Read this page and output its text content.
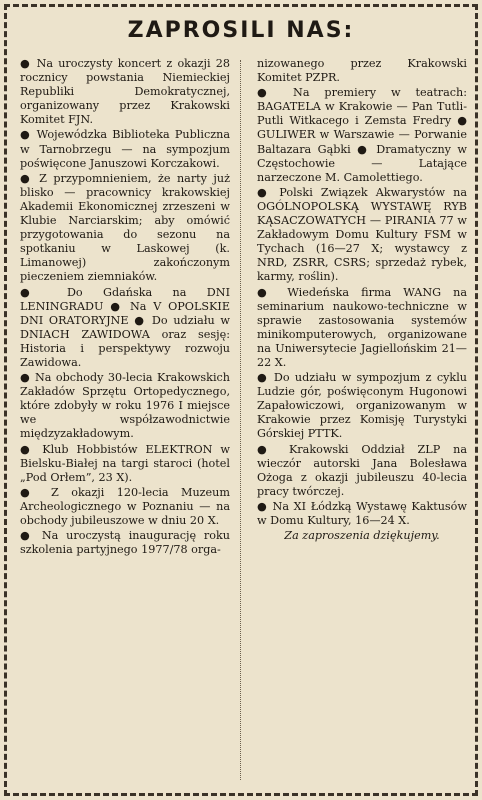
ZAPROSILI NAS:

● Na uroczysty koncert z okazji 28 rocznicy powstania Niemieckiej Republiki Demokratycznej, organizowany przez Krakowski Komitet FJN.

● Wojewódzka Biblioteka Publiczna w Tarnobrzegu — na sympozjum poświęcone Januszowi Korczakowi.

● Z przypomnieniem, że narty już blisko — pracownicy krakowskiej Akademii Ekonomicznej zrzeszeni w Klubie Narciarskim; aby omówić przygotowania do sezonu na spotkaniu w Laskowej (k. Limanowej) zakończonym pieczeniem ziemniaków.

● Do Gdańska na DNI LENINGRADU ● Na V OPOLSKIE DNI ORATORYJNE ● Do udziału w DNIACH ZAWIDOWA oraz sesję: Historia i perspektywy rozwoju Zawidowa.

● Na obchody 30-lecia Krakowskich Zakładów Sprzętu Ortopedycznego, które zdobyły w roku 1976 I miejsce we współzawodnictwie międzyzakładowym.

● Klub Hobbistów ELEKTRON w Bielsku-Białej na targi staroci (hotel „Pod Orłem”, 23 X).

● Z okazji 120-lecia Muzeum Archeologicznego w Poznaniu — na obchody jubileuszowe w dniu 20 X.

● Na uroczystą inaugurację roku szkolenia partyjnego 1977/78 orga-

nizowanego przez Krakowski Komitet PZPR.

● Na premiery w teatrach: BAGATELA w Krakowie — Pan Tutli-Putli Witkacego i Zemsta Fredry ● GULIWER w Warszawie — Porwanie Baltazara Gąbki ● Dramatyczny w Częstochowie — Latające narzeczone M. Camolettiego.

● Polski Związek Akwarystów na OGÓLNOPOLSKĄ WYSTAWĘ RYB KĄSACZOWATYCH — PIRANIA 77 w Zakładowym Domu Kultury FSM w Tychach (16—27 X; wystawcy z NRD, ZSRR, CSRS; sprzedaż rybek, karmy, roślin).

● Wiedeńska firma WANG na seminarium naukowo-techniczne w sprawie zastosowania systemów minikomputerowych, organizowane na Uniwersytecie Jagiellońskim 21—22 X.

● Do udziału w sympozjum z cyklu Ludzie gór, poświęconym Hugonowi Zapałowiczowi, organizowanym w Krakowie przez Komisję Turystyki Górskiej PTTK.

● Krakowski Oddział ZLP na wieczór autorski Jana Bolesława Ożoga z okazji jubileuszu 40-lecia pracy twórczej.

● Na XI Łódzką Wystawę Kaktusów w Domu Kultury, 16—24 X.

Za zaproszenia dziękujemy.
